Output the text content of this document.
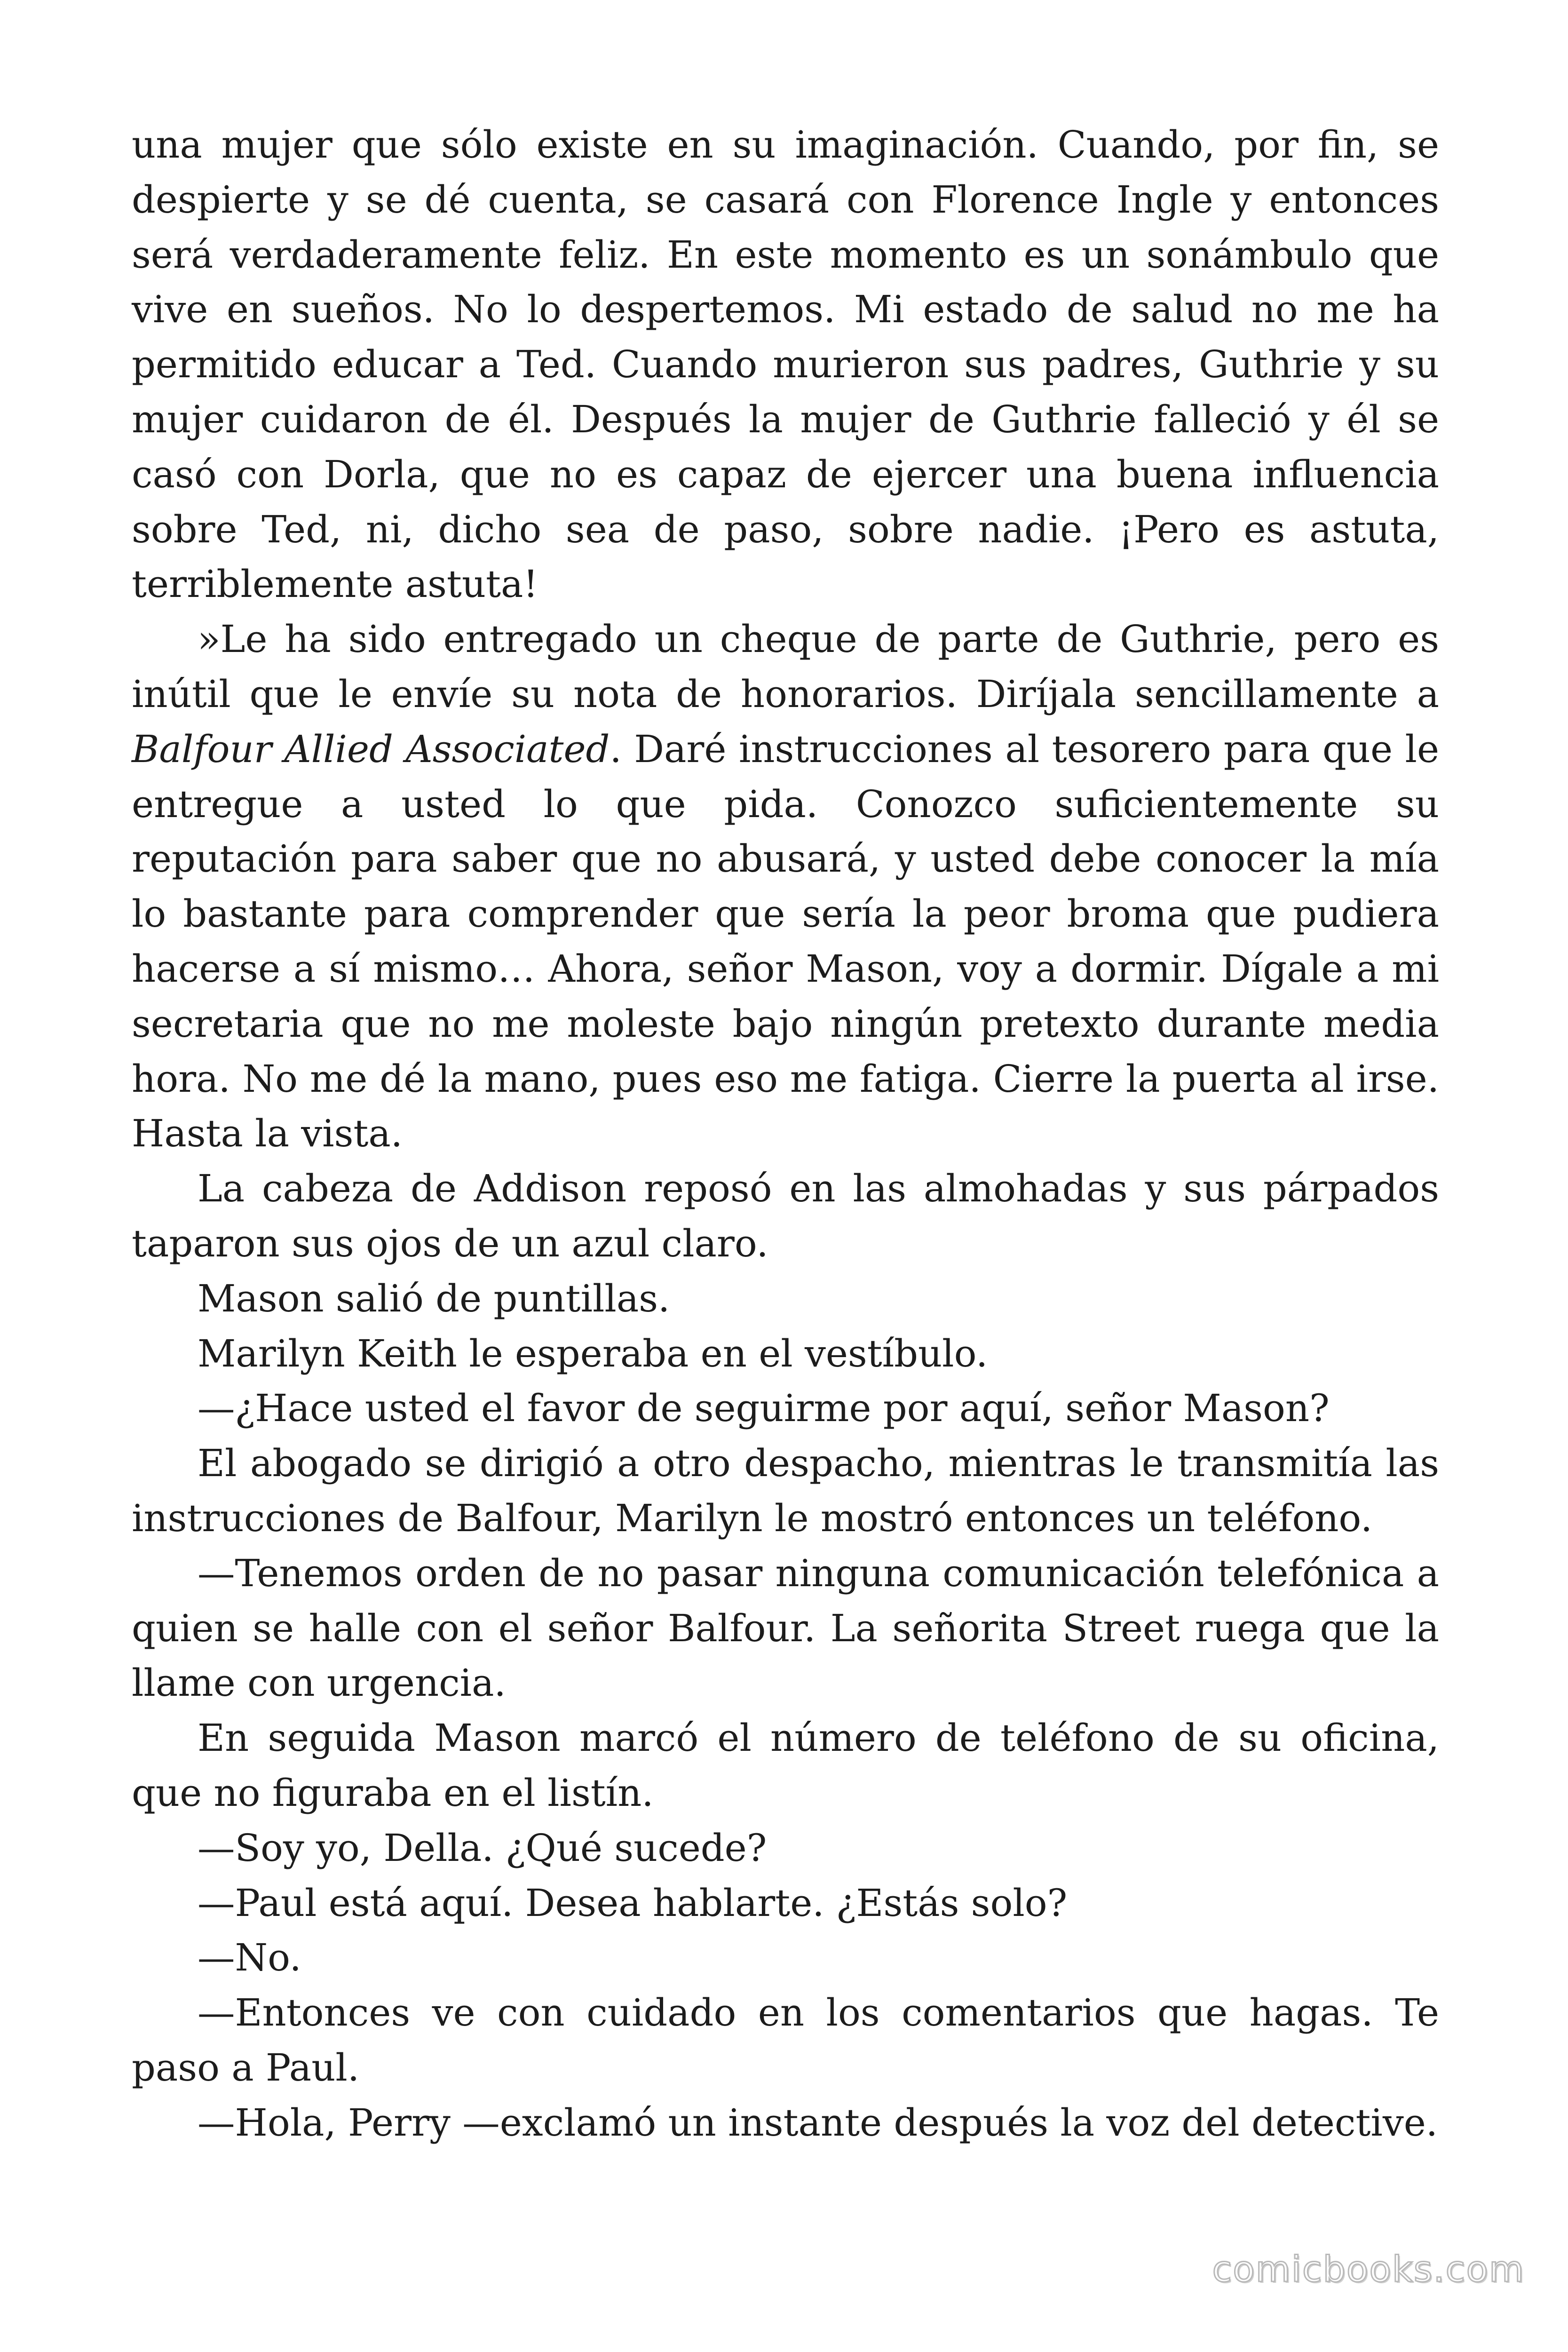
una mujer que sólo existe en su imaginación. Cuando, por fin, se despierte y se dé cuenta, se casará con Florence Ingle y entonces será verdaderamente feliz. En este momento es un sonámbulo que vive en sueños. No lo despertemos. Mi estado de salud no me ha permitido educar a Ted. Cuando murieron sus padres, Guthrie y su mujer cuidaron de él. Después la mujer de Guthrie falleció y él se casó con Dorla, que no es capaz de ejercer una buena influencia sobre Ted, ni, dicho sea de paso, sobre nadie. ¡Pero es astuta, terriblemente astuta!

»Le ha sido entregado un cheque de parte de Guthrie, pero es inútil que le envíe su nota de honorarios. Diríjala sencillamente a Balfour Allied Associated. Daré instrucciones al tesorero para que le entregue a usted lo que pida. Conozco suficientemente su reputación para saber que no abusará, y usted debe conocer la mía lo bastante para comprender que sería la peor broma que pudiera hacerse a sí mismo… Ahora, señor Mason, voy a dormir. Dígale a mi secretaria que no me moleste bajo ningún pretexto durante media hora. No me dé la mano, pues eso me fatiga. Cierre la puerta al irse. Hasta la vista.

La cabeza de Addison reposó en las almohadas y sus párpados taparon sus ojos de un azul claro.

Mason salió de puntillas.

Marilyn Keith le esperaba en el vestíbulo.

—¿Hace usted el favor de seguirme por aquí, señor Mason?

El abogado se dirigió a otro despacho, mientras le transmitía las instrucciones de Balfour, Marilyn le mostró entonces un teléfono.

—Tenemos orden de no pasar ninguna comunicación telefónica a quien se halle con el señor Balfour. La señorita Street ruega que la llame con urgencia.

En seguida Mason marcó el número de teléfono de su oficina, que no figuraba en el listín.

—Soy yo, Della. ¿Qué sucede?

—Paul está aquí. Desea hablarte. ¿Estás solo?

—No.

—Entonces ve con cuidado en los comentarios que hagas. Te paso a Paul.

—Hola, Perry —exclamó un instante después la voz del detective.

comicbooks.com
